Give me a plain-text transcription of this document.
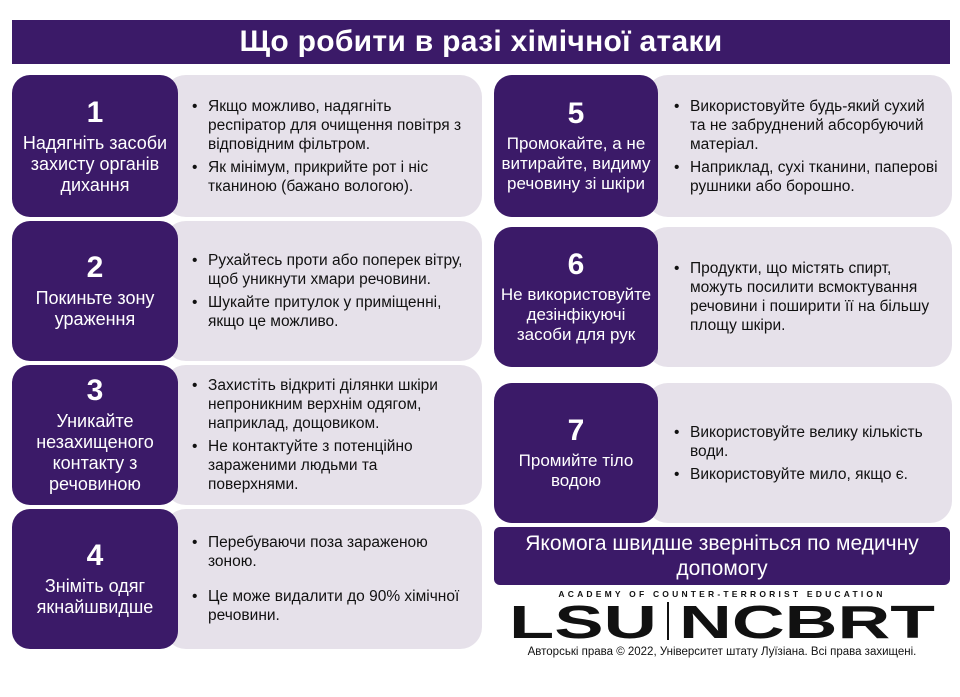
Що робити в разі хімічної атаки
• Якщо можливо, надягніть респіратор для очищення повітря з відповідним фільтром.
• Як мінімум, прикрийте рот і ніс тканиною (бажано вологою).
1
Надягніть засоби захисту органів дихання
• Рухайтесь проти або поперек вітру, щоб уникнути хмари речовини.
• Шукайте притулок у приміщенні, якщо це можливо.
2
Покиньте зону ураження
• Захистіть відкриті ділянки шкіри непроникним верхнім одягом, наприклад, дощовиком.
• Не контактуйте з потенційно зараженими людьми та поверхнями.
3
Уникайте незахищеного контакту з речовиною
• Перебуваючи поза зараженою зоною.
• Це може видалити до 90% хімічної речовини.
4
Зніміть одяг якнайшвидше
• Використовуйте будь-який сухий та не забруднений абсорбуючий матеріал.
• Наприклад, сухі тканини, паперові рушники або борошно.
5
Промокайте, а не витирайте, видиму речовину зі шкіри
• Продукти, що містять спирт, можуть посилити всмоктування речовини і поширити її на більшу площу шкіри.
6
Не використовуйте дезінфікуючі засоби для рук
• Використовуйте велику кількість води.
• Використовуйте мило, якщо є.
7
Промийте тіло водою
Якомога швидше зверніться по медичну допомогу
ACADEMY OF COUNTER-TERRORIST EDUCATION
LSU NCBRT
Авторські права © 2022, Університет штату Луїзіана. Всі права захищені.
